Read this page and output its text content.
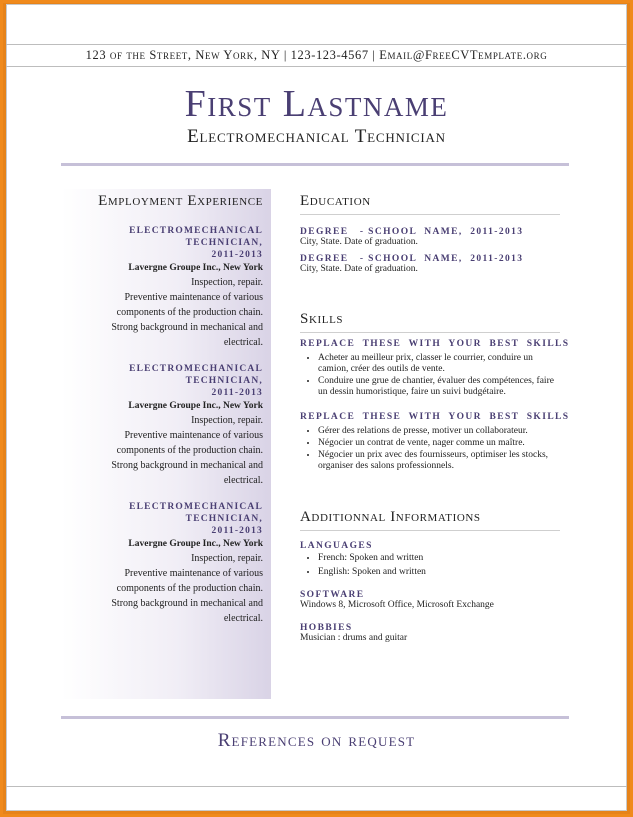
123 of the Street, New York, NY | 123-123-4567 | Email@FreeCVTemplate.org
First Lastname
Electromechanical Technician
Employment Experience
ELECTROMECHANICAL
TECHNICIAN,
2011-2013
Lavergne Groupe Inc., New York
Inspection, repair.
Preventive maintenance of various
components of the production chain.
Strong background in mechanical and
electrical.
ELECTROMECHANICAL
TECHNICIAN,
2011-2013
Lavergne Groupe Inc., New York
Inspection, repair.
Preventive maintenance of various
components of the production chain.
Strong background in mechanical and
electrical.
ELECTROMECHANICAL
TECHNICIAN,
2011-2013
Lavergne Groupe Inc., New York
Inspection, repair.
Preventive maintenance of various
components of the production chain.
Strong background in mechanical and
electrical.
Education
DEGREE   - SCHOOL  NAME,  2011-2013
City, State. Date of graduation.
DEGREE   - SCHOOL  NAME,  2011-2013
City, State. Date of graduation.
Skills
REPLACE  THESE  WITH  YOUR  BEST  SKILLS
• Acheter au meilleur prix, classer le courrier, conduire un camion, créer des outils de vente.
• Conduire une grue de chantier, évaluer des compétences, faire un dessin humoristique, faire un suivi budgétaire.
REPLACE  THESE  WITH  YOUR  BEST  SKILLS
• Gérer des relations de presse, motiver un collaborateur.
• Négocier un contrat de vente, nager comme un maître.
• Négocier un prix avec des fournisseurs, optimiser les stocks, organiser des salons professionnels.
Additionnal Informations
LANGUAGES
• French: Spoken and written
• English: Spoken and written
SOFTWARE
Windows 8, Microsoft Office, Microsoft Exchange
HOBBIES
Musician : drums and guitar
References on request
